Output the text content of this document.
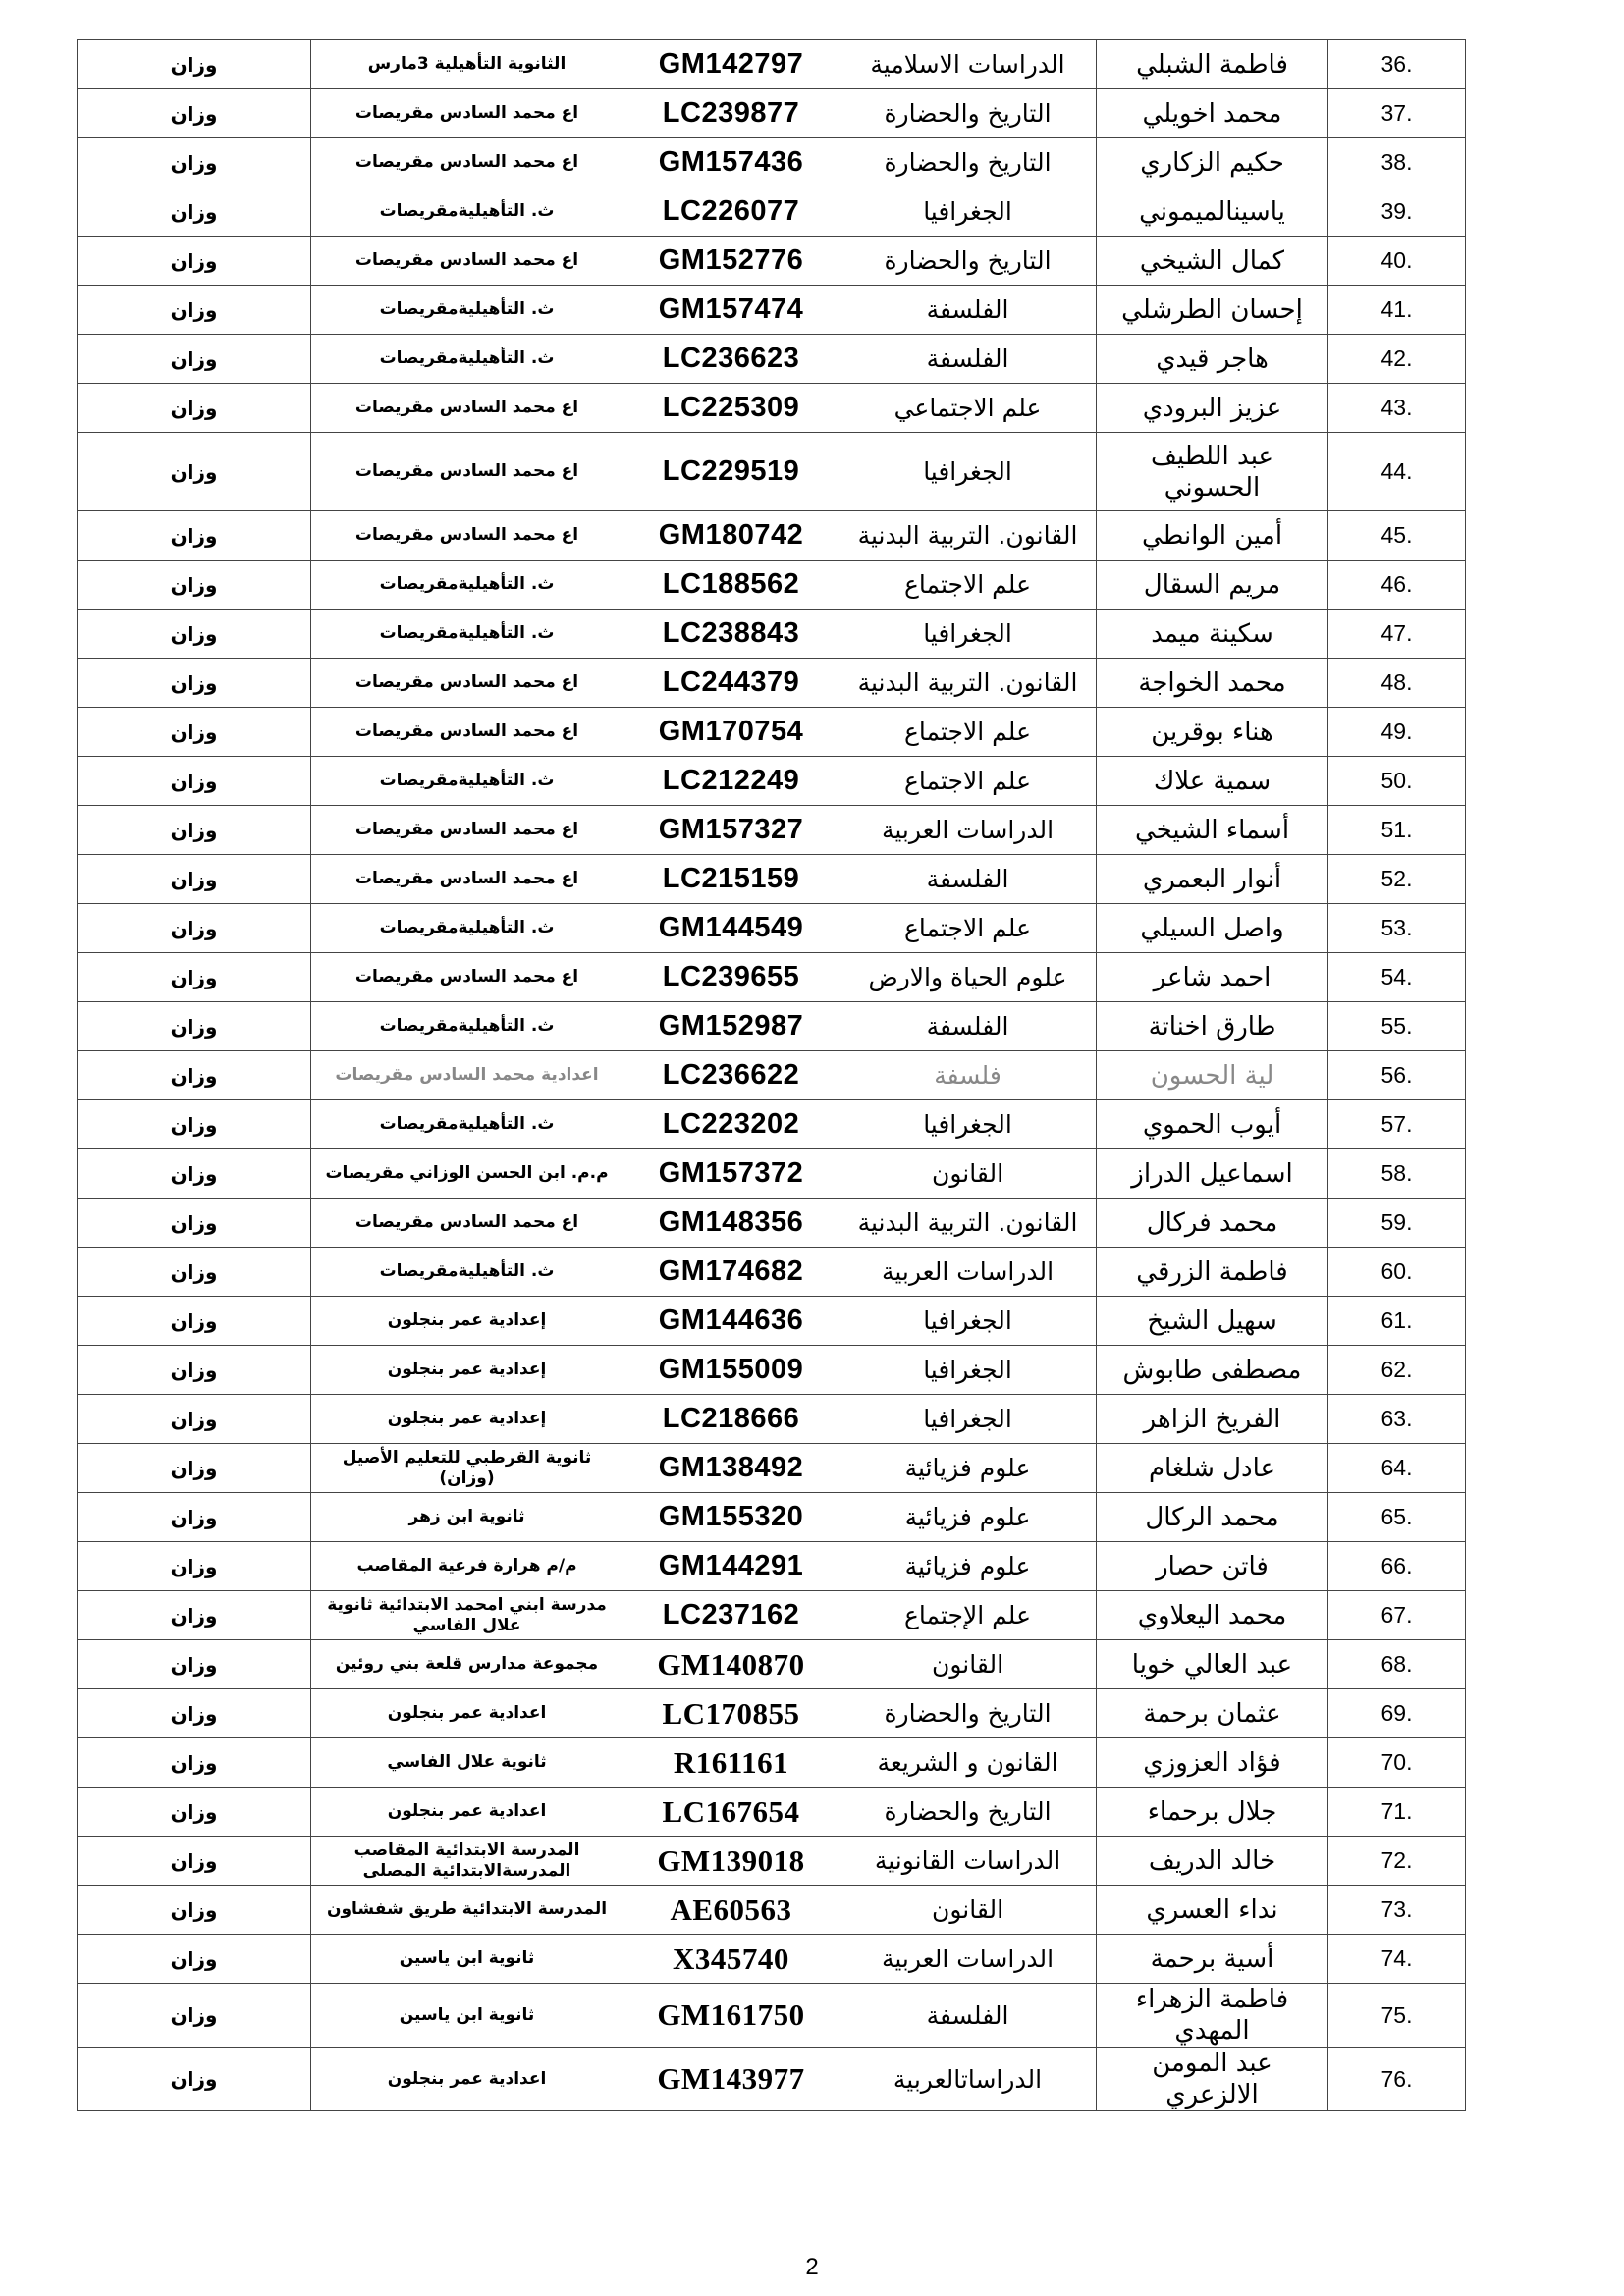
وزان	الثانوية التأهيلية 3مارس	GM142797	الدراسات الاسلامية	فاطمة الشبلي	36.
وزان	اع محمد السادس مقريصات	LC239877	التاريخ والحضارة	محمد اخويلي	37.
وزان	اع محمد السادس مقريصات	GM157436	التاريخ والحضارة	حكيم الزكاري	38.
وزان	ث. التأهيليةمقريصات	LC226077	الجغرافيا	ياسينالميموني	39.
وزان	اع محمد السادس مقريصات	GM152776	التاريخ والحضارة	كمال الشيخي	40.
وزان	ث. التأهيليةمقريصات	GM157474	الفلسفة	إحسان الطرشلي	41.
وزان	ث. التأهيليةمقريصات	LC236623	الفلسفة	هاجر قيدي	42.
وزان	اع محمد السادس مقريصات	LC225309	علم الاجتماعي	عزيز البرودي	43.
وزان	اع محمد السادس مقريصات	LC229519	الجغرافيا	عبد اللطيف الحسوني	44.
وزان	اع محمد السادس مقريصات	GM180742	القانون. التربية البدنية	أمين الوانطي	45.
وزان	ث. التأهيليةمقريصات	LC188562	علم الاجتماع	مريم السقال	46.
وزان	ث. التأهيليةمقريصات	LC238843	الجغرافيا	سكينة ميمد	47.
وزان	اع محمد السادس مقريصات	LC244379	القانون. التربية البدنية	محمد الخواجة	48.
وزان	اع محمد السادس مقريصات	GM170754	علم الاجتماع	هناء بوقرين	49.
وزان	ث. التأهيليةمقريصات	LC212249	علم الاجتماع	سمية علاك	50.
وزان	اع محمد السادس مقريصات	GM157327	الدراسات العربية	أسماء الشيخي	51.
وزان	اع محمد السادس مقريصات	LC215159	الفلسفة	أنوار البعمري	52.
وزان	ث. التأهيليةمقريصات	GM144549	علم الاجتماع	واصل السيلي	53.
وزان	اع محمد السادس مقريصات	LC239655	علوم الحياة والارض	احمد شاعر	54.
وزان	ث. التأهيليةمقريصات	GM152987	الفلسفة	طارق اخناتة	55.
وزان	اعدادية محمد السادس مقريصات	LC236622	فلسفة	لية الحسون	56.
وزان	ث. التأهيليةمقريصات	LC223202	الجغرافيا	أيوب الحموي	57.
وزان	م.م. ابن الحسن الوزاني مقريصات	GM157372	القانون	اسماعيل الدراز	58.
وزان	اع محمد السادس مقريصات	GM148356	القانون. التربية البدنية	محمد فركال	59.
وزان	ث. التأهيليةمقريصات	GM174682	الدراسات العربية	فاطمة الزرقي	60.
وزان	إعدادية عمر بنجلون	GM144636	الجغرافيا	سهيل الشيخ	61.
وزان	إعدادية عمر بنجلون	GM155009	الجغرافيا	مصطفى طابوش	62.
وزان	إعدادية عمر بنجلون	LC218666	الجغرافيا	الفريخ الزاهر	63.
وزان	ثانوية القرطبي للتعليم الأصيل (وزان)	GM138492	علوم فزيائية	عادل شلغام	64.
وزان	ثانوية ابن زهر	GM155320	علوم فزيائية	محمد الركال	65.
وزان	م/م هرارة فرعية المقاصب	GM144291	علوم فزيائية	فاتن حصار	66.
وزان	مدرسة ابني امحمد الابتدائية ثانوية علال الفاسي	LC237162	علم الإجتماع	محمد اليعلاوي	67.
وزان	مجموعة مدارس قلعة بني روئين	GM140870	القانون	عبد العالي خويا	68.
وزان	اعدادية عمر بنجلون	LC170855	التاريخ والحضارة	عثمان برحمة	69.
وزان	ثانوية علال الفاسي	R161161	القانون و الشريعة	فؤاد العزوزي	70.
وزان	اعدادية عمر بنجلون	LC167654	التاريخ والحضارة	جلال برحماء	71.
وزان	المدرسة الابتدائية المقاصب المدرسةالابتدائية المصلى	GM139018	الدراسات القانونية	خالد الدريف	72.
وزان	المدرسة الابتدائية طريق شفشاون	AE60563	القانون	نداء العسري	73.
وزان	ثانوية ابن ياسين	X345740	الدراسات العربية	أسية برحمة	74.
وزان	ثانوية ابن ياسين	GM161750	الفلسفة	فاطمة الزهراء المهدي	75.
وزان	اعدادية عمر بنجلون	GM143977	الدراساتالعربية	عبد المومن الالزعري	76.
2
